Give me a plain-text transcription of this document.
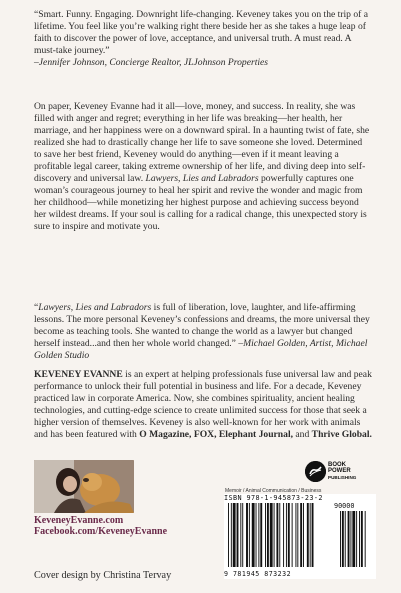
“Smart. Funny. Engaging. Downright life-changing. Keveney takes you on the trip of a lifetime. You feel like you’re walking right there beside her as she takes a huge leap of faith to discover the power of love, acceptance, and universal truth. A must read. A must-take journey.”
–Jennifer Johnson, Concierge Realtor, JLJohnson Properties
On paper, Keveney Evanne had it all—love, money, and success. In reality, she was filled with anger and regret; everything in her life was breaking—her health, her marriage, and her happiness were on a downward spiral. In a haunting twist of fate, she realized she had to drastically change her life to save someone she loved. Determined to save her best friend, Keveney would do anything—even if it meant leaving a profitable legal career, taking extreme ownership of her life, and diving deep into self-discovery and universal law. Lawyers, Lies and Labradors powerfully captures one woman’s courageous journey to heal her spirit and revive the wonder and magic from her childhood—while monetizing her highest purpose and achieving success beyond her wildest dreams. If your soul is calling for a radical change, this unexpected story is sure to inspire and motivate you.
“Lawyers, Lies and Labradors is full of liberation, love, laughter, and life-affirming lessons. The more personal Keveney’s confessions and dreams, the more universal they become as teaching tools. She wanted to change the world as a lawyer but changed herself instead...and then her whole world changed.” –Michael Golden, Artist, Michael Golden Studio
KEVENEY EVANNE is an expert at helping professionals fuse universal law and peak performance to unlock their full potential in business and life. For a decade, Keveney practiced law in corporate America. Now, she combines spirituality, ancient healing technologies, and cutting-edge science to create unlimited success for those that seek a higher version of themselves. Keveney is also well-known for her work with animals and has been featured with O Magazine, FOX, Elephant Journal, and Thrive Global.
KeveneyEvanne.com
Facebook.com/KeveneyEvanne
Cover design by Christina Tervay
BOOK
POWER
PUBLISHING
Memoir / Animal Communication / Business
ISBN 978-1-945873-23-2
90000
9 781945 873232
